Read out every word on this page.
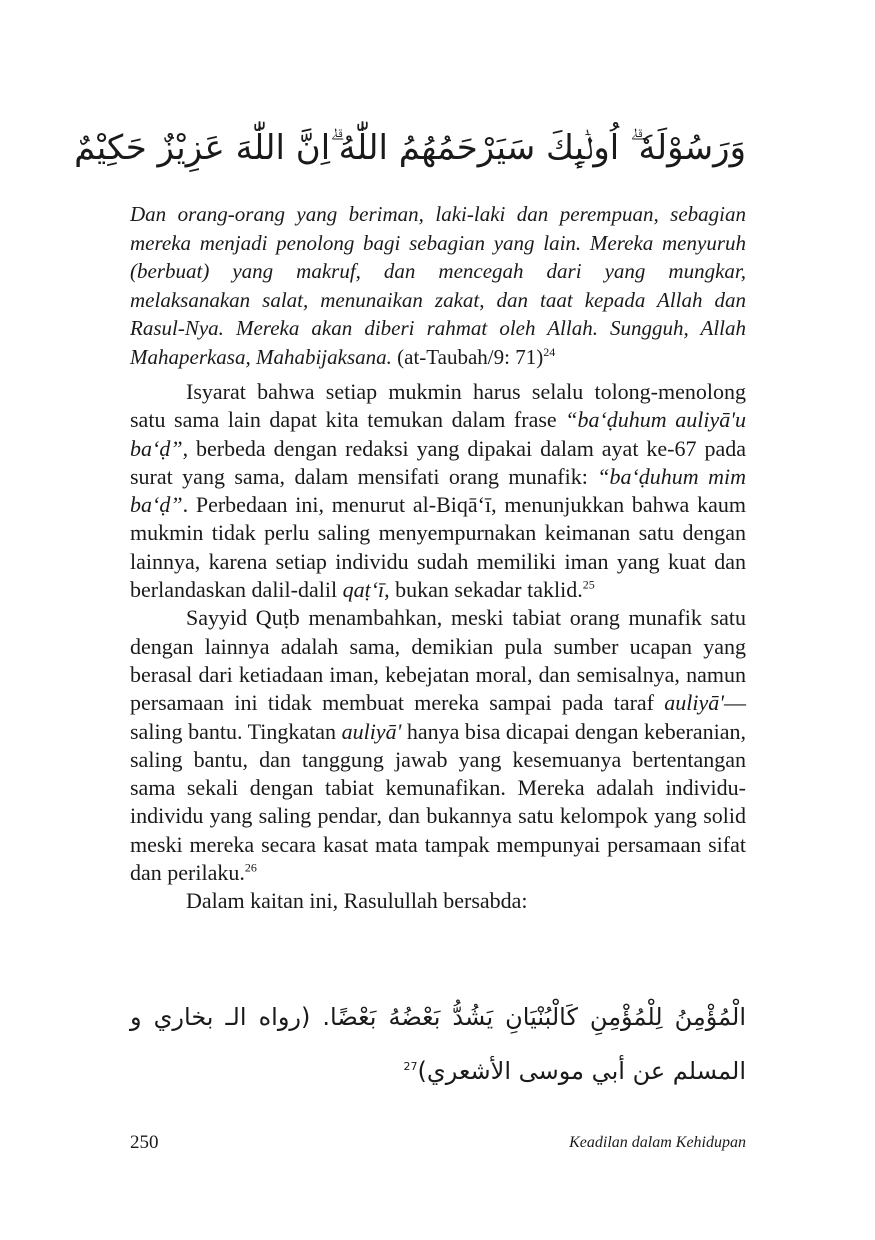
وَرَسُوْلَهٗ ۗ اُولٰۤىِٕكَ سَيَرْحَمُهُمُ اللّٰهُ ۗاِنَّ اللّٰهَ عَزِيْزٌ حَكِيْمٌ
Dan orang-orang yang beriman, laki-laki dan perempuan, sebagian mereka menjadi penolong bagi sebagian yang lain. Mereka menyuruh (berbuat) yang makruf, dan mencegah dari yang mungkar, melaksanakan salat, menunaikan zakat, dan taat kepada Allah dan Rasul-Nya. Mereka akan diberi rahmat oleh Allah. Sungguh, Allah Mahaperkasa, Mahabijaksana. (at-Taubah/9: 71)$^{24}$

Isyarat bahwa setiap mukmin harus selalu tolong-menolong satu sama lain dapat kita temukan dalam frase “ba‘ḍuhum auliyā'u ba‘ḍ”, berbeda dengan redaksi yang dipakai dalam ayat ke-67 pada surat yang sama, dalam mensifati orang munafik: “ba‘ḍuhum mim ba‘ḍ”. Perbedaan ini, menurut al-Biqā‘ī, menunjukkan bahwa kaum mukmin tidak perlu saling menyempurnakan keimanan satu dengan lainnya, karena setiap individu sudah memiliki iman yang kuat dan berlandaskan dalil-dalil qaṭ‘ī, bukan sekadar taklid.$^{25}$

Sayyid Quṭb menambahkan, meski tabiat orang munafik satu dengan lainnya adalah sama, demikian pula sumber ucapan yang berasal dari ketiadaan iman, kebejatan moral, dan semisalnya, namun persamaan ini tidak membuat mereka sampai pada taraf auliyā'—saling bantu. Tingkatan auliyā' hanya bisa dicapai dengan keberanian, saling bantu, dan tanggung jawab yang kesemuanya bertentangan sama sekali dengan tabiat kemunafikan. Mereka adalah individu-individu yang saling pendar, dan bukannya satu kelompok yang solid meski mereka secara kasat mata tampak mempunyai persamaan sifat dan perilaku.$^{26}$

Dalam kaitan ini, Rasulullah bersabda:

الْمُؤْمِنُ لِلْمُؤْمِنِ كَالْبُنْيَانِ يَشُدُّ بَعْضُهُ بَعْضًا. (رواه الـ بخاري و المسلم عن أبي موسى الأشعري)$^{27}$
250	Keadilan dalam Kehidupan
